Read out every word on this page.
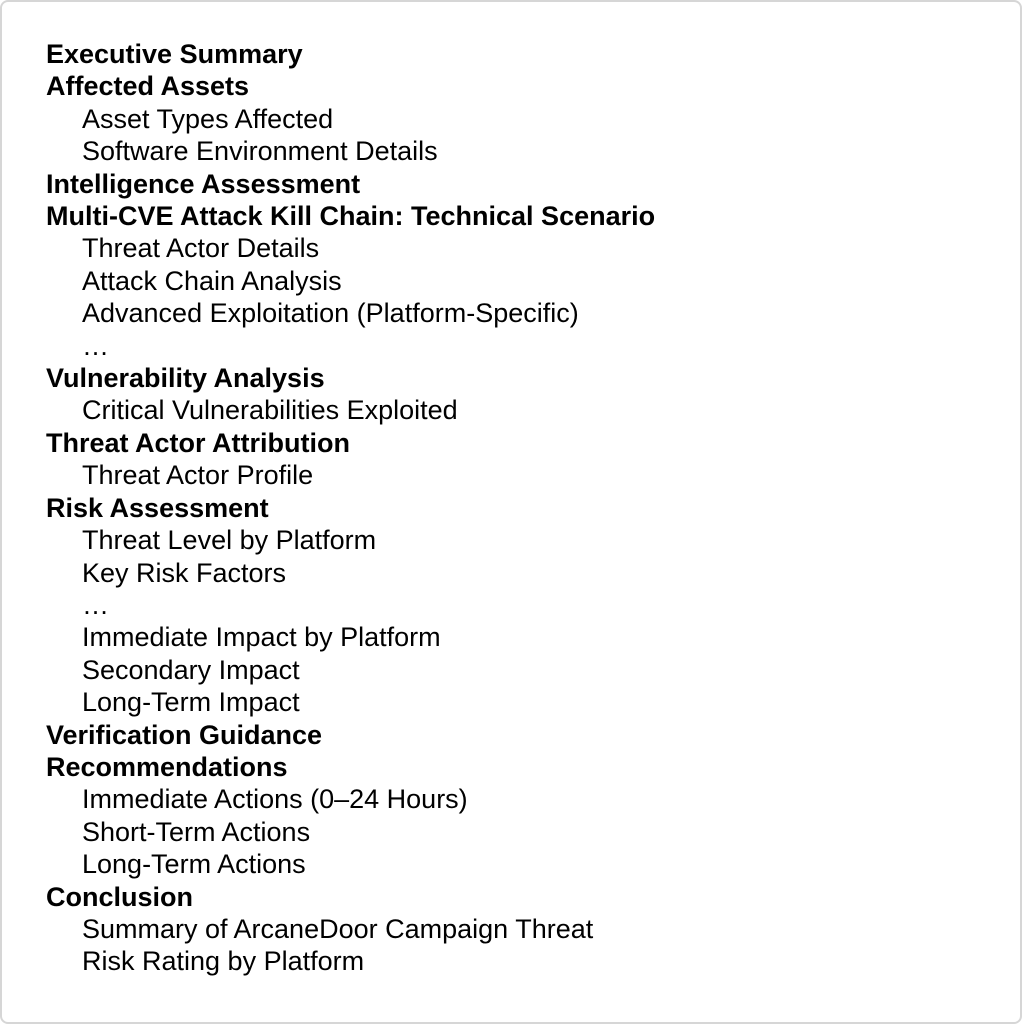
Executive Summary
Affected Assets
Asset Types Affected
Software Environment Details
Intelligence Assessment
Multi-CVE Attack Kill Chain: Technical Scenario
Threat Actor Details
Attack Chain Analysis
Advanced Exploitation (Platform-Specific)
…
Vulnerability Analysis
Critical Vulnerabilities Exploited
Threat Actor Attribution
Threat Actor Profile
Risk Assessment
Threat Level by Platform
Key Risk Factors
…
Immediate Impact by Platform
Secondary Impact
Long-Term Impact
Verification Guidance
Recommendations
Immediate Actions (0–24 Hours)
Short-Term Actions
Long-Term Actions
Conclusion
Summary of ArcaneDoor Campaign Threat
Risk Rating by Platform
